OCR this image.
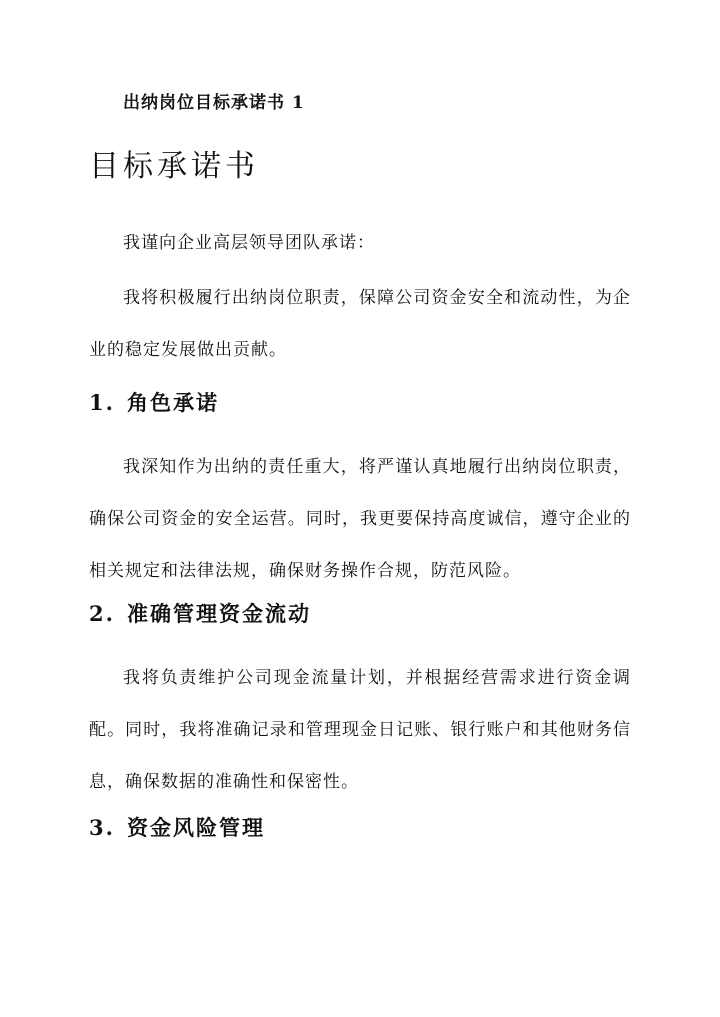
出纳岗位目标承诺书 1
目标承诺书

我谨向企业高层领导团队承诺：

我将积极履行出纳岗位职责，保障公司资金安全和流动性，为企业的稳定发展做出贡献。

1. 角色承诺

我深知作为出纳的责任重大，将严谨认真地履行出纳岗位职责，确保公司资金的安全运营。同时，我更要保持高度诚信，遵守企业的相关规定和法律法规，确保财务操作合规，防范风险。

2. 准确管理资金流动

我将负责维护公司现金流量计划，并根据经营需求进行资金调配。同时，我将准确记录和管理现金日记账、银行账户和其他财务信息，确保数据的准确性和保密性。

3. 资金风险管理
